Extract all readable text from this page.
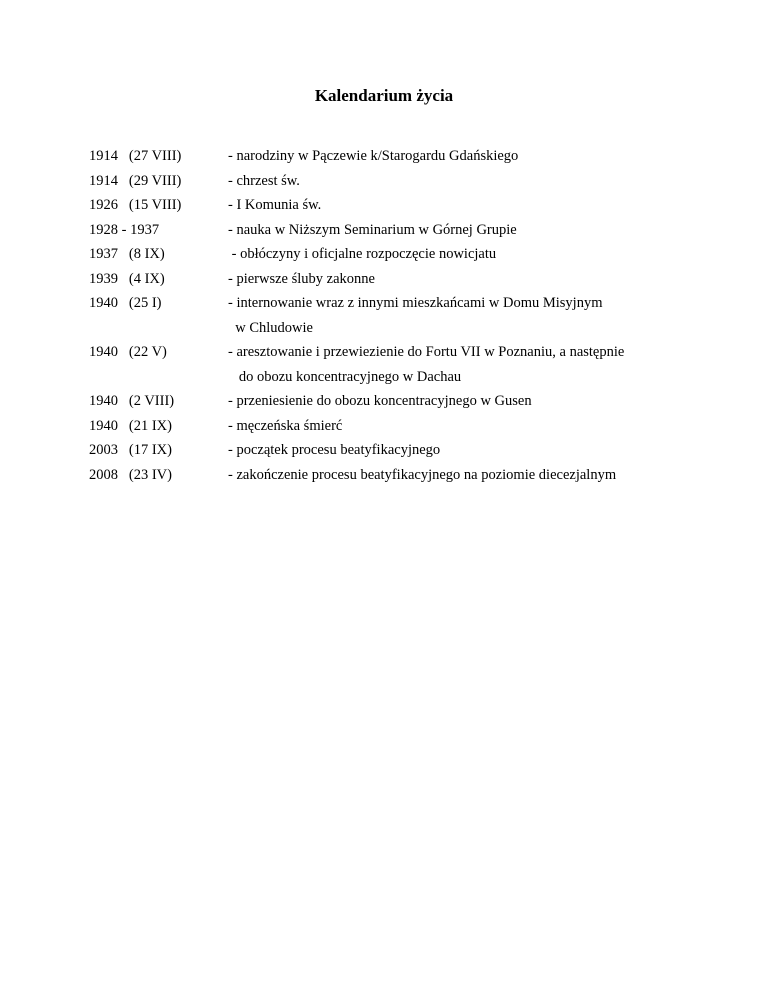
Kalendarium życia
1914   (27 VIII)	- narodziny w Pączewie k/Starogardu Gdańskiego
1914   (29 VIII)	- chrzest św.
1926   (15 VIII)	- I Komunia św.
1928 - 1937	- nauka w Niższym Seminarium w Górnej Grupie
1937   (8 IX)	- obłóczyny i oficjalne rozpoczęcie nowicjatu
1939   (4 IX)	- pierwsze śluby zakonne
1940   (25 I)	- internowanie wraz z innymi mieszkańcami w Domu Misyjnym
w Chludowie
1940   (22 V)	- aresztowanie i przewiezienie do Fortu VII w Poznaniu, a następnie
do obozu koncentracyjnego w Dachau
1940   (2 VIII)	- przeniesienie do obozu koncentracyjnego w Gusen
1940   (21 IX)	- męczeńska śmierć
2003   (17 IX)	- początek procesu beatyfikacyjnego
2008   (23 IV)	- zakończenie procesu beatyfikacyjnego na poziomie diecezjalnym
